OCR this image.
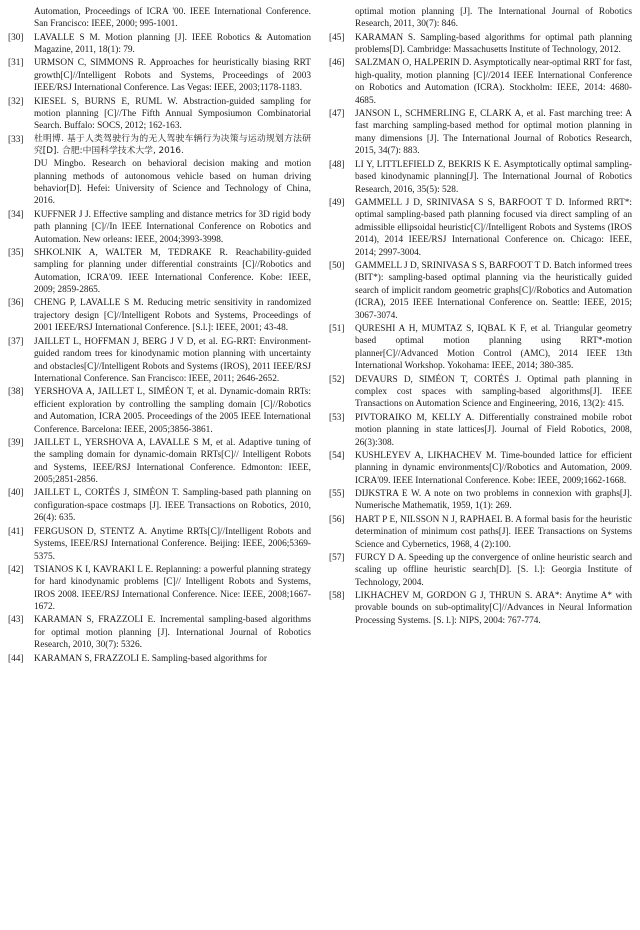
Automation, Proceedings of ICRA '00. IEEE International Conference. San Francisco: IEEE, 2000; 995-1001.
[30]	LAVALLE S M. Motion planning [J]. IEEE Robotics & Automation Magazine, 2011, 18(1): 79.
[31]	URMSON C, SIMMONS R. Approaches for heuristically biasing RRT growth[C]//Intelligent Robots and Systems, Proceedings of 2003 IEEE/RSJ International Conference. Las Vegas: IEEE, 2003;1178-1183.
[32]	KIESEL S, BURNS E, RUML W. Abstraction-guided sampling for motion planning [C]//The Fifth Annual Symposiumon Combinatorial Search. Buffalo: SOCS, 2012; 162-163.
[33]	杜明博. 基于人类驾驶行为的无人驾驶车辆行为决策与运动规划方法研究[D]. 合肥:中国科学技术大学, 2016.
DU Mingbo. Research on behavioral decision making and motion planning methods of autonomous vehicle based on human driving behavior[D]. Hefei: University of Science and Technology of China, 2016.
[34]	KUFFNER J J. Effective sampling and distance metrics for 3D rigid body path planning [C]//In IEEE International Conference on Robotics and Automation. New orleans: IEEE, 2004;3993-3998.
[35]	SHKOLNIK A, WALTER M, TEDRAKE R. Reachability-guided sampling for planning under differential constraints [C]//Robotics and Automation, ICRA'09. IEEE International Conference. Kobe: IEEE, 2009; 2859-2865.
[36]	CHENG P, LAVALLE S M. Reducing metric sensitivity in randomized trajectory design [C]//Intelligent Robots and Systems, Proceedings of 2001 IEEE/RSJ International Conference. [S.l.]: IEEE, 2001; 43-48.
[37]	JAILLET L, HOFFMAN J, BERG J V D, et al. EG-RRT: Environment-guided random trees for kinodynamic motion planning with uncertainty and obstacles[C]//Intelligent Robots and Systems (IROS), 2011 IEEE/RSJ International Conference. San Francisco: IEEE, 2011; 2646-2652.
[38]	YERSHOVA A, JAILLET L, SIMÉON T, et al. Dynamic-domain RRTs: efficient exploration by controlling the sampling domain [C]//Robotics and Automation, ICRA 2005. Proceedings of the 2005 IEEE International Conference. Barcelona: IEEE, 2005;3856-3861.
[39]	JAILLET L, YERSHOVA A, LAVALLE S M, et al. Adaptive tuning of the sampling domain for dynamic-domain RRTs[C]// Intelligent Robots and Systems, IEEE/RSJ International Conference. Edmonton: IEEE, 2005;2851-2856.
[40]	JAILLET L, CORTÉS J, SIMÉON T. Sampling-based path planning on configuration-space costmaps [J]. IEEE Transactions on Robotics, 2010, 26(4): 635.
[41]	FERGUSON D, STENTZ A. Anytime RRTs[C]//Intelligent Robots and Systems, IEEE/RSJ International Conference. Beijing: IEEE, 2006;5369-5375.
[42]	TSIANOS K I, KAVRAKI L E. Replanning: a powerful planning strategy for hard kinodynamic problems [C]// Intelligent Robots and Systems, IROS 2008. IEEE/RSJ International Conference. Nice: IEEE, 2008;1667-1672.
[43]	KARAMAN S, FRAZZOLI E. Incremental sampling-based algorithms for optimal motion planning [J]. International Journal of Robotics Research, 2010, 30(7): 5326.
[44]	KARAMAN S, FRAZZOLI E. Sampling-based algorithms for
optimal motion planning [J]. The International Journal of Robotics Research, 2011, 30(7): 846.
[45]	KARAMAN S. Sampling-based algorithms for optimal path planning problems[D]. Cambridge: Massachusetts Institute of Technology, 2012.
[46]	SALZMAN O, HALPERIN D. Asymptotically near-optimal RRT for fast, high-quality, motion planning [C]//2014 IEEE International Conference on Robotics and Automation (ICRA). Stockholm: IEEE, 2014: 4680-4685.
[47]	JANSON L, SCHMERLING E, CLARK A, et al. Fast marching tree: A fast marching sampling-based method for optimal motion planning in many dimensions [J]. The International Journal of Robotics Research, 2015, 34(7): 883.
[48]	LI Y, LITTLEFIELD Z, BEKRIS K E. Asymptotically optimal sampling-based kinodynamic planning[J]. The International Journal of Robotics Research, 2016, 35(5): 528.
[49]	GAMMELL J D, SRINIVASA S S, BARFOOT T D. Informed RRT*: optimal sampling-based path planning focused via direct sampling of an admissible ellipsoidal heuristic[C]//Intelligent Robots and Systems (IROS 2014), 2014 IEEE/RSJ International Conference on. Chicago: IEEE, 2014; 2997-3004.
[50]	GAMMELL J D, SRINIVASA S S, BARFOOT T D. Batch informed trees (BIT*): sampling-based optimal planning via the heuristically guided search of implicit random geometric graphs[C]//Robotics and Automation (ICRA), 2015 IEEE International Conference on. Seattle: IEEE, 2015; 3067-3074.
[51]	QURESHI A H, MUMTAZ S, IQBAL K F, et al. Triangular geometry based optimal motion planning using RRT*-motion planner[C]//Advanced Motion Control (AMC), 2014 IEEE 13th International Workshop. Yokohama: IEEE, 2014; 380-385.
[52]	DEVAURS D, SIMÉON T, CORTÉS J. Optimal path planning in complex cost spaces with sampling-based algorithms[J]. IEEE Transactions on Automation Science and Engineering, 2016, 13(2): 415.
[53]	PIVTORAIKO M, KELLY A. Differentially constrained mobile robot motion planning in state lattices[J]. Journal of Field Robotics, 2008, 26(3):308.
[54]	KUSHLEYEV A, LIKHACHEV M. Time-bounded lattice for efficient planning in dynamic environments[C]//Robotics and Automation, 2009. ICRA'09. IEEE International Conference. Kobe: IEEE, 2009;1662-1668.
[55]	DIJKSTRA E W. A note on two problems in connexion with graphs[J]. Numerische Mathematik, 1959, 1(1): 269.
[56]	HART P E, NILSSON N J, RAPHAEL B. A formal basis for the heuristic determination of minimum cost paths[J]. IEEE Transactions on Systems Science and Cybernetics, 1968, 4 (2):100.
[57]	FURCY D A. Speeding up the convergence of online heuristic search and scaling up offline heuristic search[D]. [S. l.]: Georgia Institute of Technology, 2004.
[58]	LIKHACHEV M, GORDON G J, THRUN S. ARA*: Anytime A* with provable bounds on sub-optimality[C]//Advances in Neural Information Processing Systems. [S. l.]: NIPS, 2004: 767-774.
